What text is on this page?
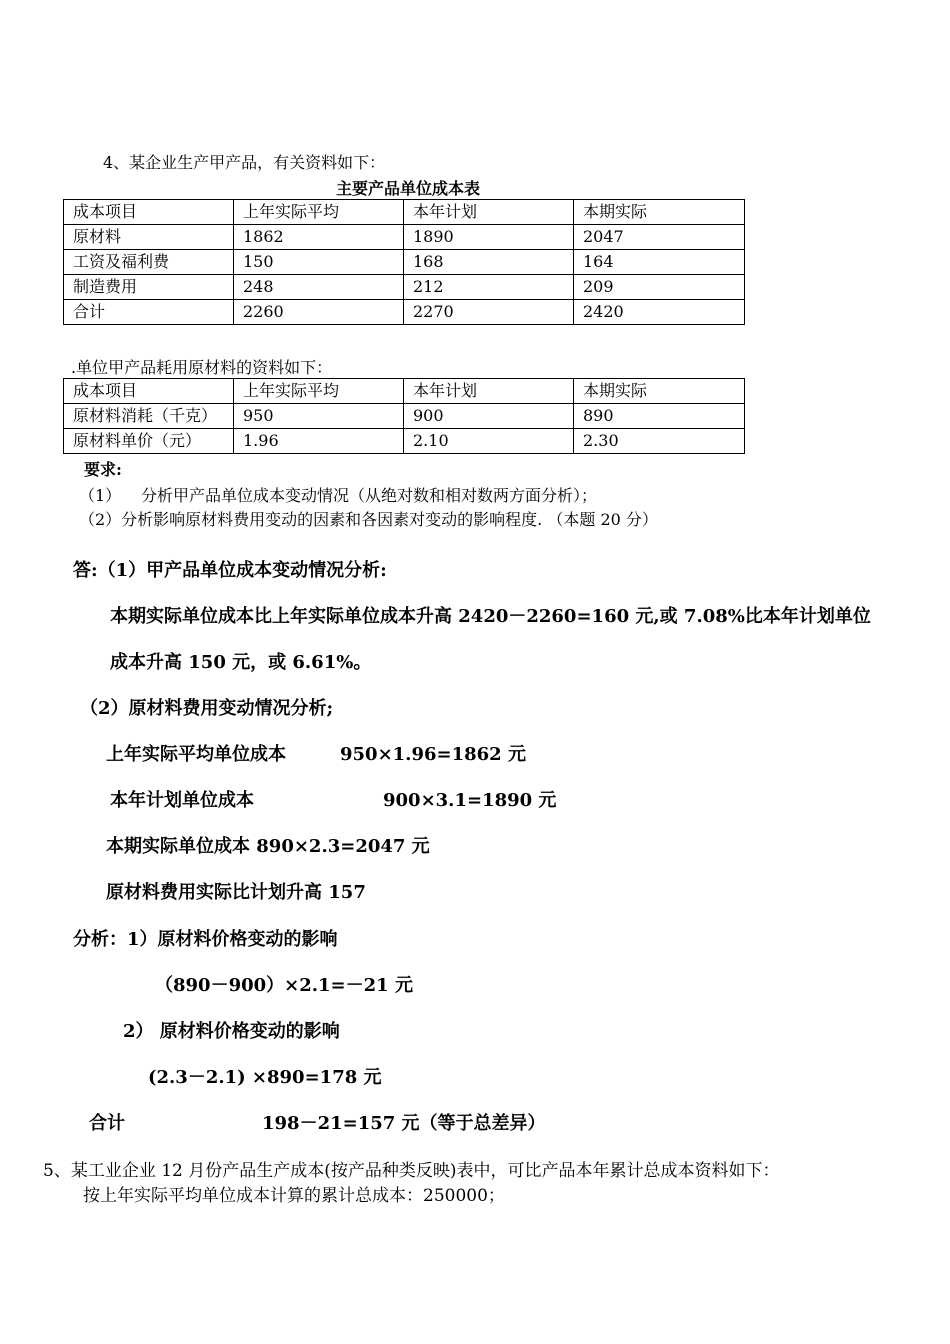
4、某企业生产甲产品，有关资料如下：
主要产品单位成本表
成本项目	上年实际平均	本年计划	本期实际
原材料	1862	1890	2047
工资及福利费	150	168	164
制造费用	248	212	209
合计	2260	2270	2420
.单位甲产品耗用原材料的资料如下：
成本项目	上年实际平均	本年计划	本期实际
原材料消耗（千克）	950	900	890
原材料单价（元）	1.96	2.10	2.30
要求:
（1） 分析甲产品单位成本变动情况（从绝对数和相对数两方面分析）；
（2）分析影响原材料费用变动的因素和各因素对变动的影响程度. （本题 20 分）
答:（1）甲产品单位成本变动情况分析:
本期实际单位成本比上年实际单位成本升高 2420－2260=160 元,或 7.08%比本年计划单位
成本升高 150 元，或 6.61%。
（2）原材料费用变动情况分析;
上年实际平均单位成本	950×1.96=1862 元
本年计划单位成本	900×3.1=1890 元
本期实际单位成本 890×2.3=2047 元
原材料费用实际比计划升高 157
分析：1）原材料价格变动的影响
（890－900）×2.1=－21 元
2） 原材料价格变动的影响
(2.3－2.1) ×890=178 元
合计	198－21=157 元（等于总差异）
5、某工业企业 12 月份产品生产成本(按产品种类反映)表中，可比产品本年累计总成本资料如下：
按上年实际平均单位成本计算的累计总成本：250000；
